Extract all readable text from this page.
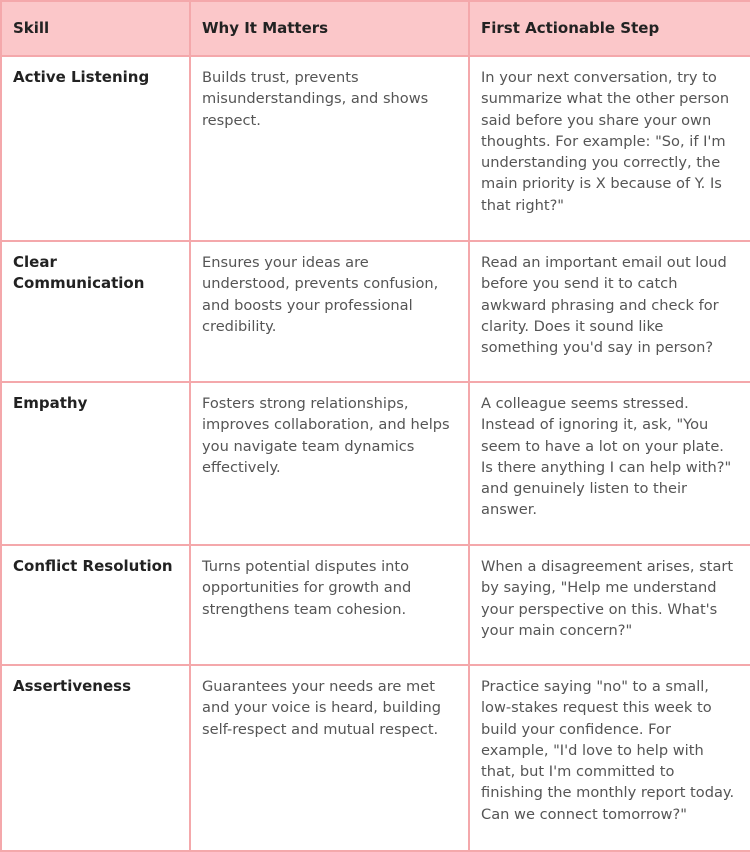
Skill	Why It Matters	First Actionable Step
Active Listening	Builds trust, prevents misunderstandings, and shows respect.	In your next conversation, try to summarize what the other person said before you share your own thoughts. For example: "So, if I'm understanding you correctly, the main priority is X because of Y. Is that right?"
Clear Communication	Ensures your ideas are understood, prevents confusion, and boosts your professional credibility.	Read an important email out loud before you send it to catch awkward phrasing and check for clarity. Does it sound like something you'd say in person?
Empathy	Fosters strong relationships, improves collaboration, and helps you navigate team dynamics effectively.	A colleague seems stressed. Instead of ignoring it, ask, "You seem to have a lot on your plate. Is there anything I can help with?" and genuinely listen to their answer.
Conflict Resolution	Turns potential disputes into opportunities for growth and strengthens team cohesion.	When a disagreement arises, start by saying, "Help me understand your perspective on this. What's your main concern?"
Assertiveness	Guarantees your needs are met and your voice is heard, building self-respect and mutual respect.	Practice saying "no" to a small, low-stakes request this week to build your confidence. For example, "I'd love to help with that, but I'm committed to finishing the monthly report today. Can we connect tomorrow?"
